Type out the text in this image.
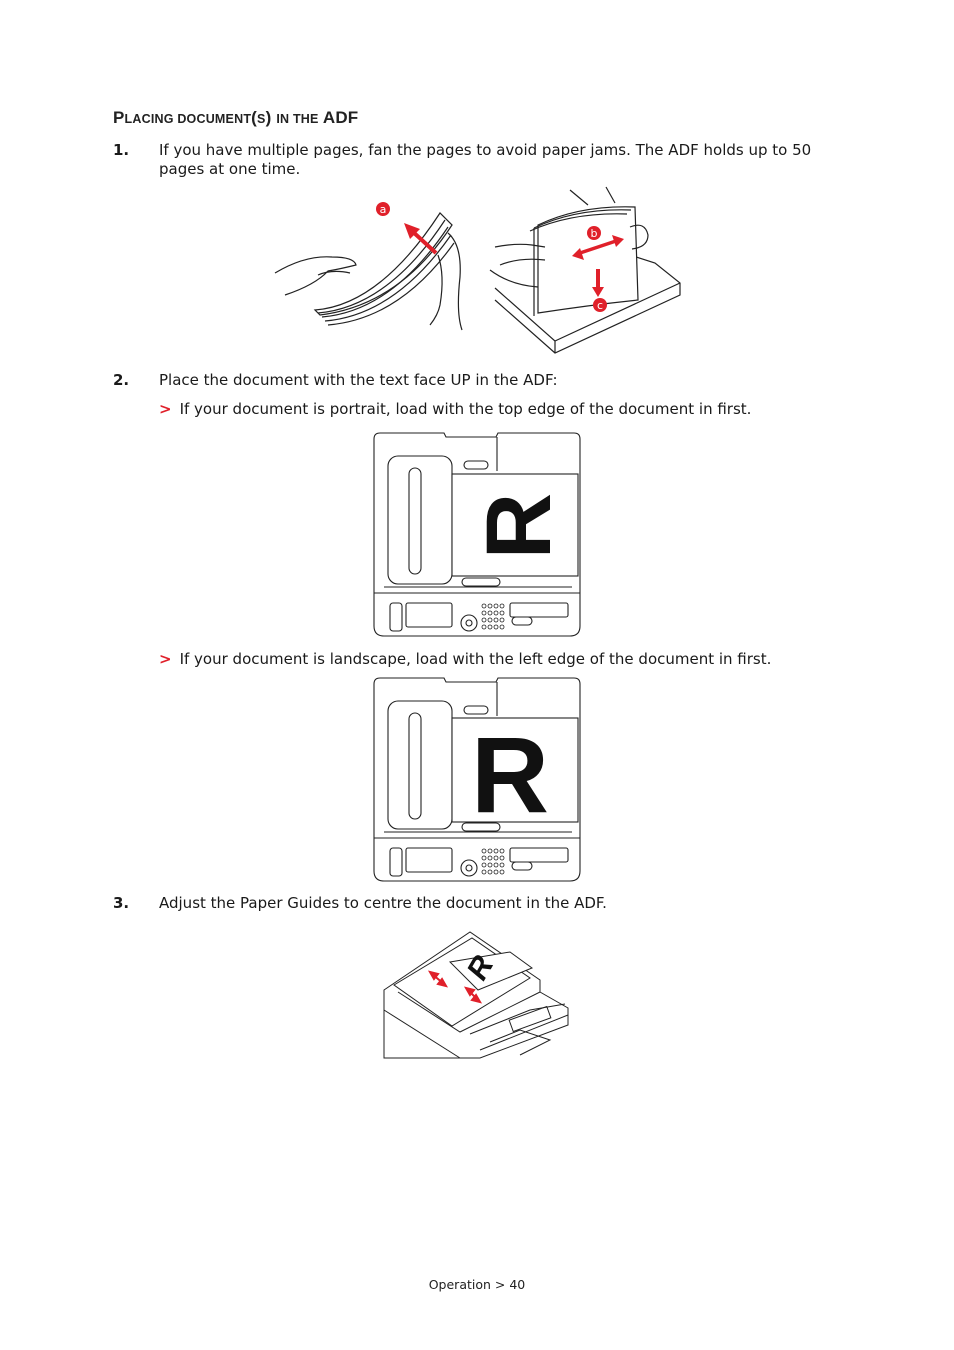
PLACING DOCUMENT(S) IN THE ADF
1. If you have multiple pages, fan the pages to avoid paper jams. The ADF holds up to 50 pages at one time.
a
b
c
2. Place the document with the text face UP in the ADF:
> If your document is portrait, load with the top edge of the document in first.
R
> If your document is landscape, load with the left edge of the document in first.
R
3. Adjust the Paper Guides to centre the document in the ADF.
R
Operation > 40
